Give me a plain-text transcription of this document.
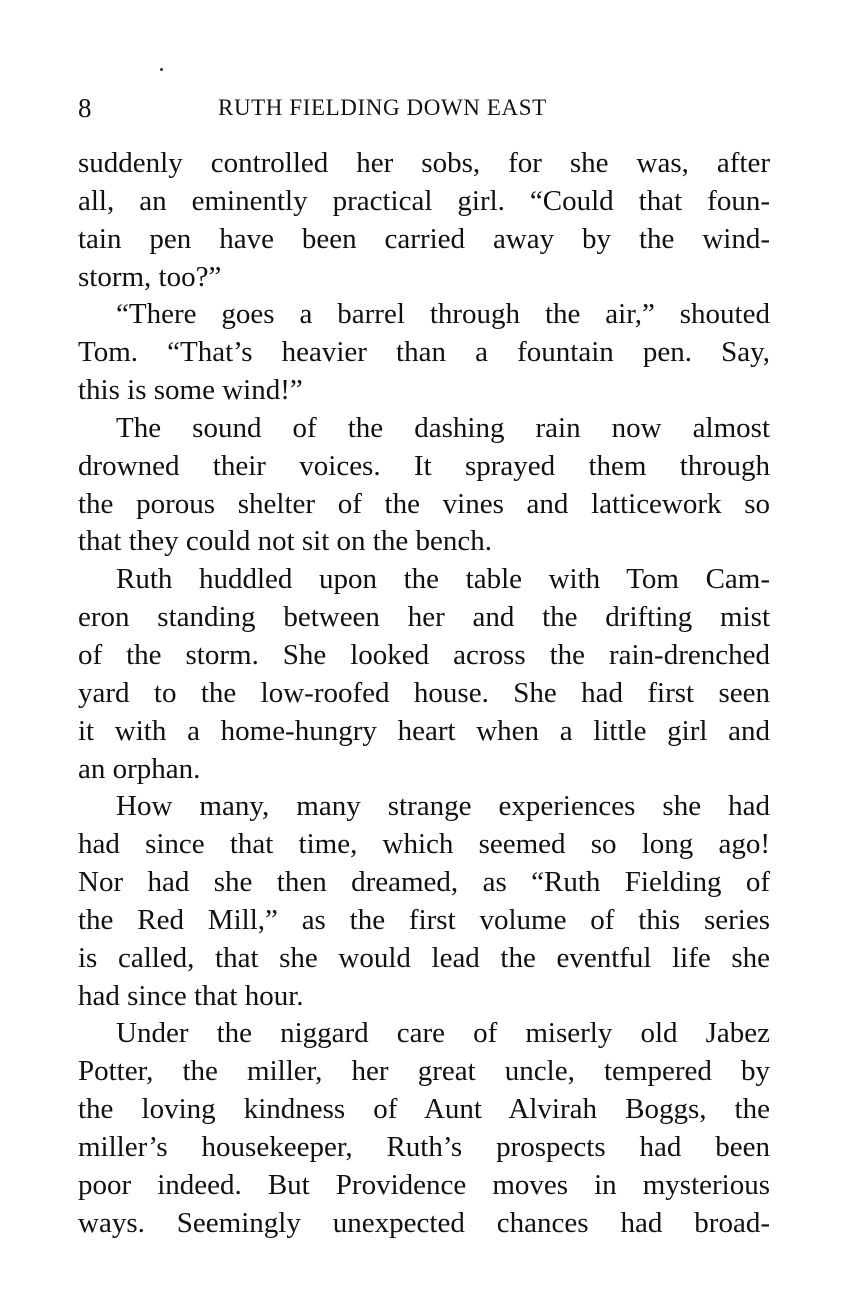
8	RUTH FIELDING DOWN EAST
suddenly controlled her sobs, for she was, after
all, an eminently practical girl. “Could that foun-
tain pen have been carried away by the wind-
storm, too?”
“There goes a barrel through the air,” shouted
Tom. “That’s heavier than a fountain pen. Say,
this is some wind!”
The sound of the dashing rain now almost
drowned their voices. It sprayed them through
the porous shelter of the vines and latticework so
that they could not sit on the bench.
Ruth huddled upon the table with Tom Cam-
eron standing between her and the drifting mist
of the storm. She looked across the rain-drenched
yard to the low-roofed house. She had first seen
it with a home-hungry heart when a little girl and
an orphan.
How many, many strange experiences she had
had since that time, which seemed so long ago!
Nor had she then dreamed, as “Ruth Fielding of
the Red Mill,” as the first volume of this series
is called, that she would lead the eventful life she
had since that hour.
Under the niggard care of miserly old Jabez
Potter, the miller, her great uncle, tempered by
the loving kindness of Aunt Alvirah Boggs, the
miller’s housekeeper, Ruth’s prospects had been
poor indeed. But Providence moves in mysterious
ways. Seemingly unexpected chances had broad-
